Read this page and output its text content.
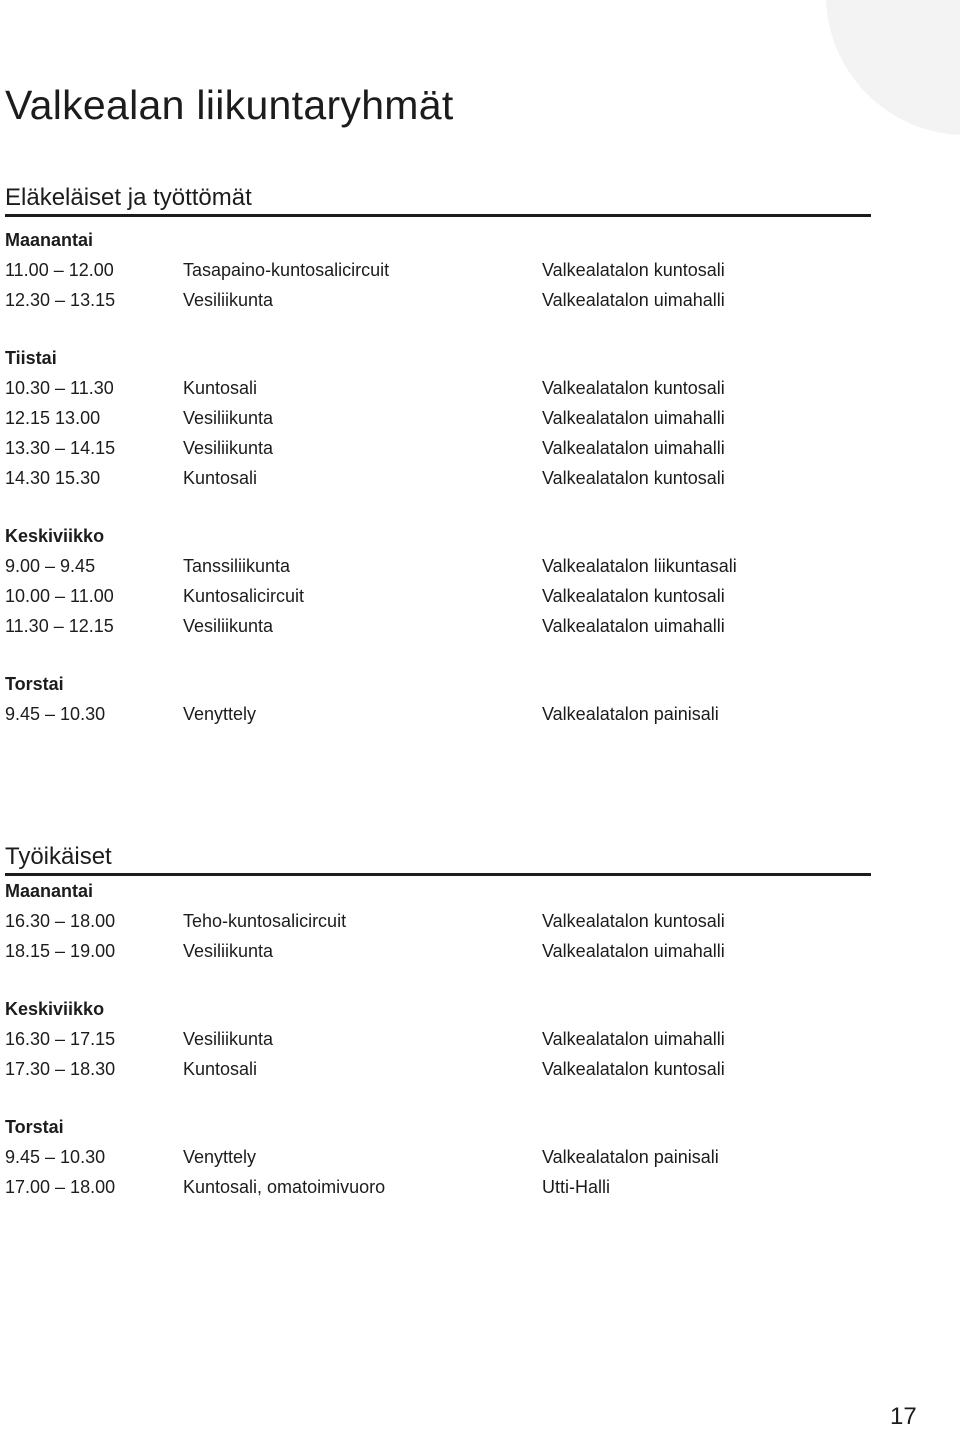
Valkealan liikuntaryhmät
Eläkeläiset ja työttömät
Maanantai
11.00 – 12.00	Tasapaino-kuntosalicircuit	Valkealatalon kuntosali
12.30 – 13.15	Vesiliikunta	Valkealatalon uimahalli
Tiistai
10.30 – 11.30	Kuntosali	Valkealatalon kuntosali
12.15 13.00	Vesiliikunta	Valkealatalon uimahalli
13.30 – 14.15	Vesiliikunta	Valkealatalon uimahalli
14.30 15.30	Kuntosali	Valkealatalon kuntosali
Keskiviikko
9.00 – 9.45	Tanssiliikunta	Valkealatalon liikuntasali
10.00 – 11.00	Kuntosalicircuit	Valkealatalon kuntosali
11.30 – 12.15	Vesiliikunta	Valkealatalon uimahalli
Torstai
9.45 – 10.30	Venyttely	Valkealatalon painisali
Työikäiset
Maanantai
16.30 – 18.00	Teho-kuntosalicircuit	Valkealatalon kuntosali
18.15 – 19.00	Vesiliikunta	Valkealatalon uimahalli
Keskiviikko
16.30 – 17.15	Vesiliikunta	Valkealatalon uimahalli
17.30 – 18.30	Kuntosali	Valkealatalon kuntosali
Torstai
9.45 – 10.30	Venyttely	Valkealatalon painisali
17.00 – 18.00	Kuntosali, omatoimivuoro	Utti-Halli
17
